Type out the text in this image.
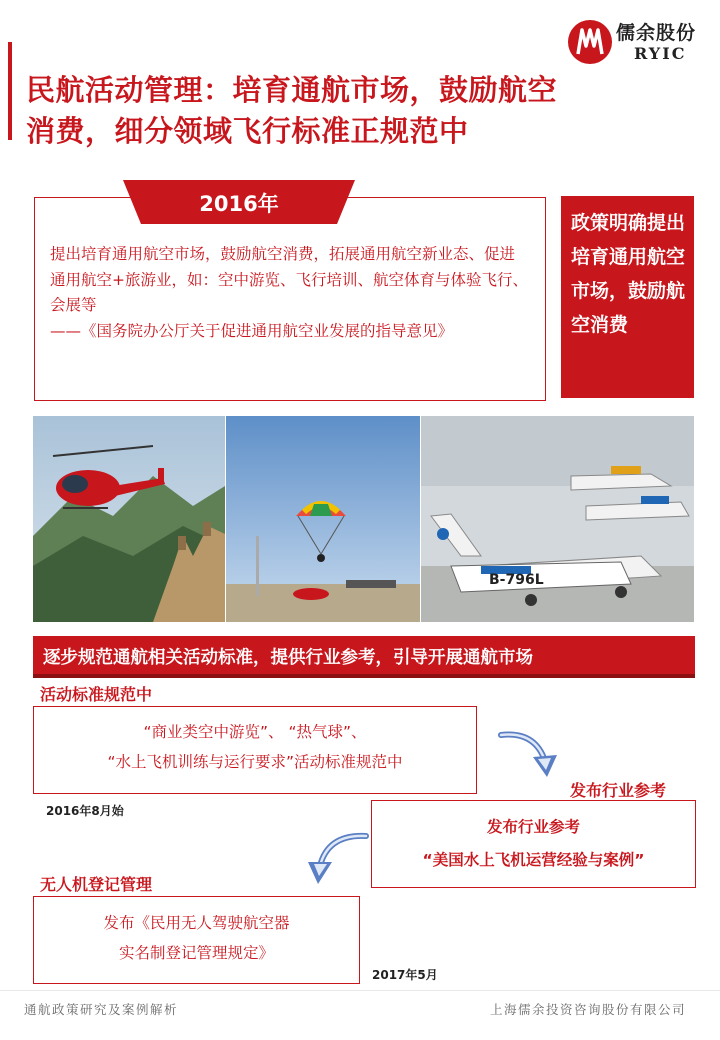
民航活动管理：培育通航市场，鼓励航空消费，细分领域飞行标准正规范中
儒余股份
RYIC
2016年
提出培育通用航空市场，鼓励航空消费，拓展通用航空新业态、促进通用航空+旅游业，如：空中游览、飞行培训、航空体育与体验飞行、会展等
——《国务院办公厅关于促进通用航空业发展的指导意见》
政策明确提出培育通用航空市场，鼓励航空消费
B-796L
逐步规范通航相关活动标准，提供行业参考，引导开展通航市场
活动标准规范中
“商业类空中游览”、 “热气球”、
“水上飞机训练与运行要求”活动标准规范中
2016年8月始
发布行业参考
发布行业参考
“美国水上飞机运营经验与案例”
无人机登记管理
发布《民用无人驾驶航空器
实名制登记管理规定》
2017年5月
通航政策研究及案例解析	上海儒余投资咨询股份有限公司
